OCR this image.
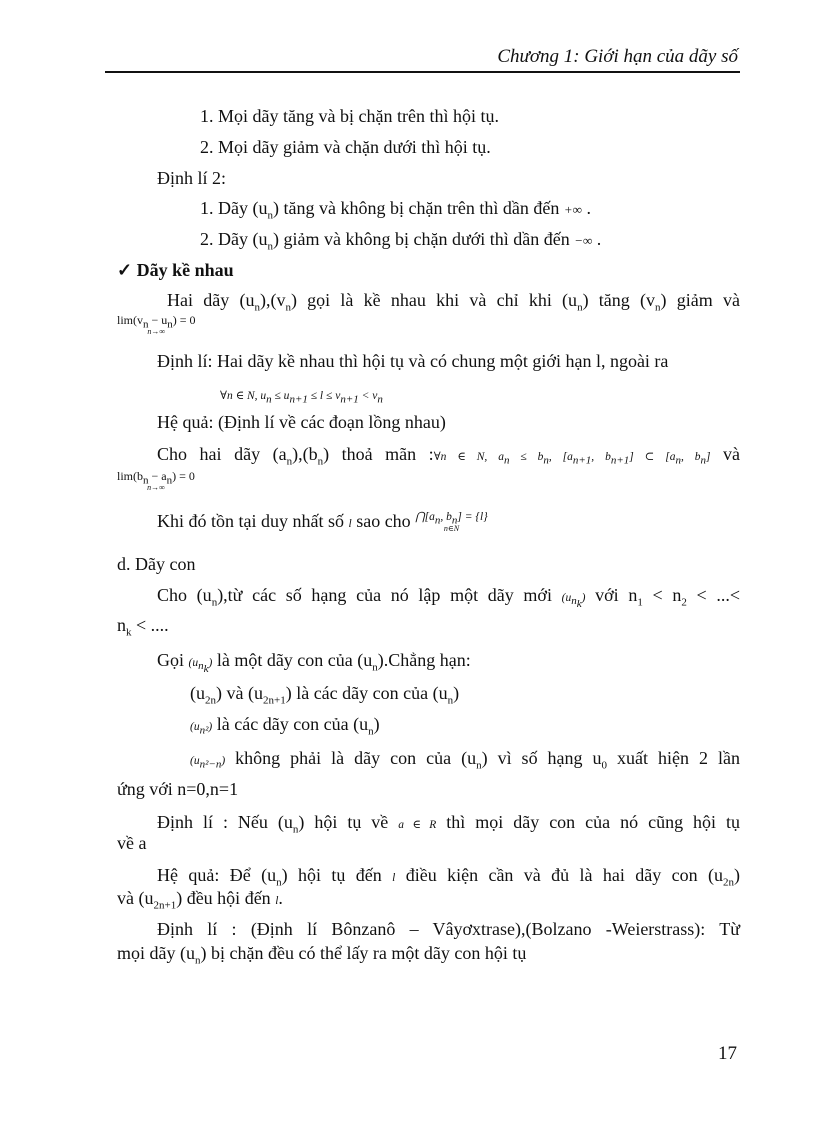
Chương 1: Giới hạn của dãy số
1. Mọi dãy tăng và bị chặn trên thì hội tụ.
2. Mọi dãy giảm và chặn dưới thì hội tụ.
Định lí 2:
1. Dãy $(u_n)$ tăng và không bị chặn trên thì dần đến +∞ .
2. Dãy $(u_n)$ giảm và không bị chặn dưới thì dần đến −∞ .
✓ Dãy kề nhau
Hai dãy $(u_n),(v_n)$ gọi là kề nhau khi và chỉ khi $(u_n)$ tăng $(v_n)$ giảm và
$\lim(v_n - u_n) = 0$
n→∞
Định lí: Hai dãy kề nhau thì hội tụ và có chung một giới hạn l, ngoài ra
∀n ∈ N, $u_n \le u_{n+1} \le l \le v_{n+1} < v_n$
Hệ quả: (Định lí về các đoạn lồng nhau)
Cho hai dãy $(a_n),(b_n)$ thoả mãn :∀n ∈ N, $a_n \le b_n$, [$a_{n+1}$, $b_{n+1}$] ⊂ [$a_n$, $b_n$] và
$\lim(b_n - a_n) = 0$
n→∞
Khi đó tồn tại duy nhất số l sao cho $⋂[a_n$, $b_n] = \{l\}$
n∈N
d. Dãy con
Cho $(u_n),từ$ các số hạng của nó lập một dãy mới $(u_{n_k})$ với $n_1 < n_2$ < ...<
$n_k$ < ....
Gọi $(u_{n_k})$ là một dãy con của $(u_n).Chẳng$ hạn:
$(u_{2n})$ và $(u_{2n+1})$ là các dãy con của $(u_n)$
$(u_{n^2})$ là các dãy con của $(u_n)$
$(u_{n^2-n})$ không phải là dãy con của $(u_n)$ vì số hạng $u_0$ xuất hiện 2 lần
ứng với n=0,n=1
Định lí : Nếu $(u_n)$ hội tụ về a ∈ R thì mọi dãy con của nó cũng hội tụ
về a
Hệ quả: Để $(u_n)$ hội tụ đến l điều kiện cần và đủ là hai dãy con $(u_{2n})$
và $(u_{2n+1})$ đều hội đến l.
Định lí : (Định lí Bônzanô – Vâyơxtrase),(Bolzano -Weierstrass): Từ
mọi dãy $(u_n)$ bị chặn đều có thể lấy ra một dãy con hội tụ
17
